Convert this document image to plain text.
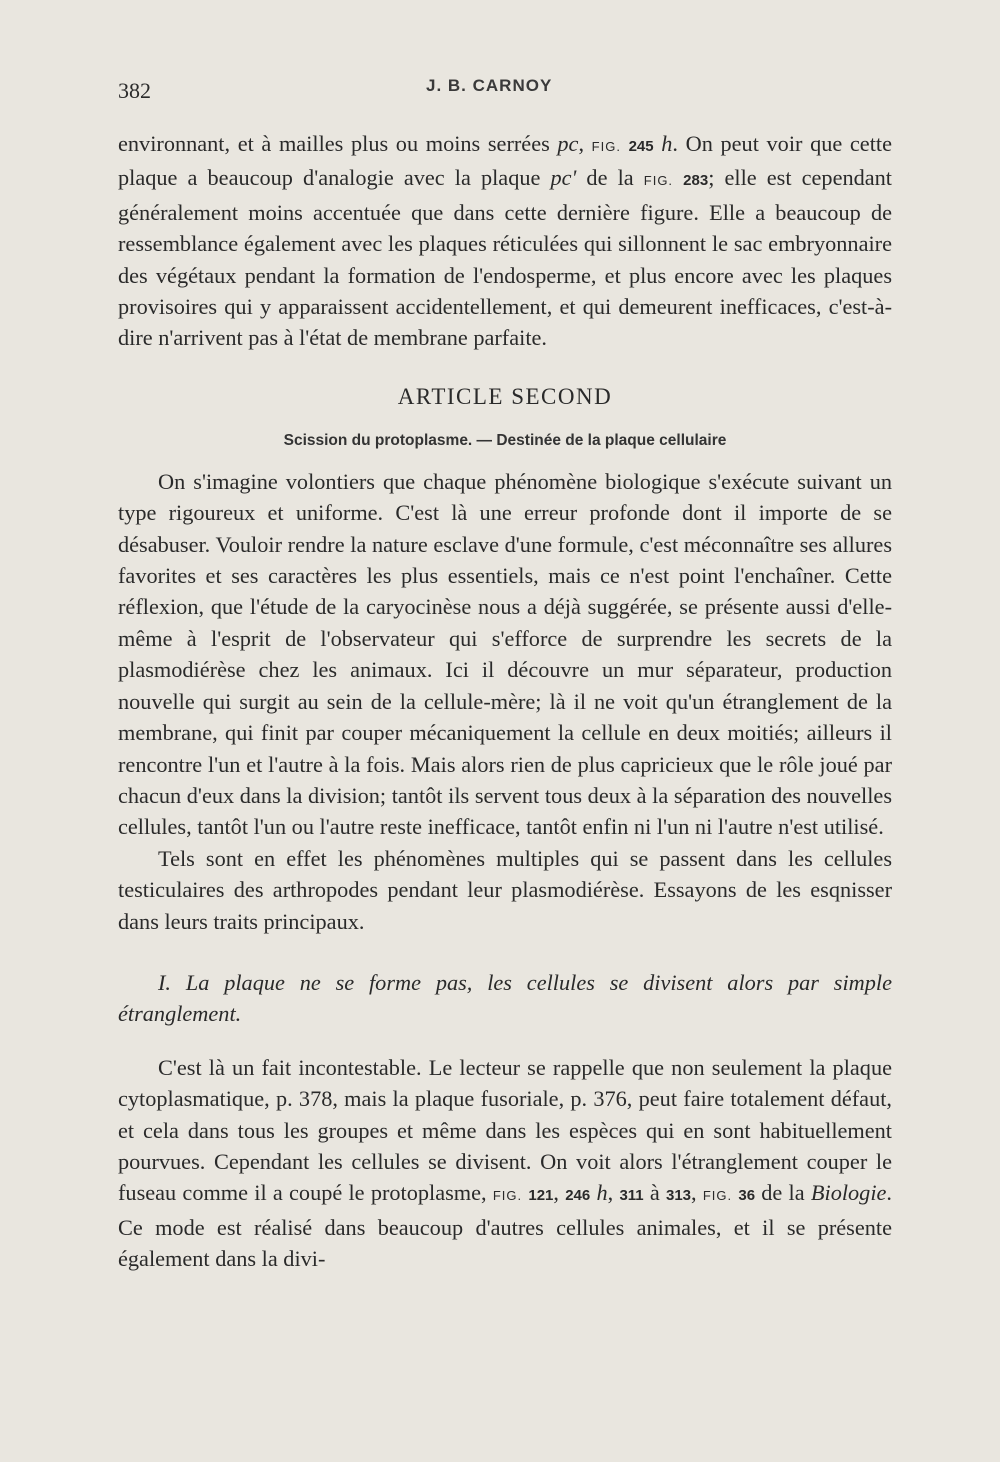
382	J. B. CARNOY

environnant, et à mailles plus ou moins serrées pc, FIG. 245 h. On peut voir que cette plaque a beaucoup d'analogie avec la plaque pc' de la FIG. 283; elle est cependant généralement moins accentuée que dans cette dernière figure. Elle a beaucoup de ressemblance également avec les plaques réticulées qui sillonnent le sac embryonnaire des végétaux pendant la formation de l'endosperme, et plus encore avec les plaques provisoires qui y apparaissent accidentellement, et qui demeurent inefficaces, c'est-à-dire n'arrivent pas à l'état de membrane parfaite.

ARTICLE SECOND
Scission du protoplasme. — Destinée de la plaque cellulaire

On s'imagine volontiers que chaque phénomène biologique s'exécute suivant un type rigoureux et uniforme. C'est là une erreur profonde dont il importe de se désabuser. Vouloir rendre la nature esclave d'une formule, c'est méconnaître ses allures favorites et ses caractères les plus essentiels, mais ce n'est point l'enchaîner. Cette réflexion, que l'étude de la caryocinèse nous a déjà suggérée, se présente aussi d'elle-même à l'esprit de l'observateur qui s'efforce de surprendre les secrets de la plasmodiérèse chez les animaux. Ici il découvre un mur séparateur, production nouvelle qui surgit au sein de la cellule-mère; là il ne voit qu'un étranglement de la membrane, qui finit par couper mécaniquement la cellule en deux moitiés; ailleurs il rencontre l'un et l'autre à la fois. Mais alors rien de plus capricieux que le rôle joué par chacun d'eux dans la division; tantôt ils servent tous deux à la séparation des nouvelles cellules, tantôt l'un ou l'autre reste inefficace, tantôt enfin ni l'un ni l'autre n'est utilisé.

Tels sont en effet les phénomènes multiples qui se passent dans les cellules testiculaires des arthropodes pendant leur plasmodiérèse. Essayons de les esqnisser dans leurs traits principaux.

I. La plaque ne se forme pas, les cellules se divisent alors par simple étranglement.

C'est là un fait incontestable. Le lecteur se rappelle que non seulement la plaque cytoplasmatique, p. 378, mais la plaque fusoriale, p. 376, peut faire totalement défaut, et cela dans tous les groupes et même dans les espèces qui en sont habituellement pourvues. Cependant les cellules se divisent. On voit alors l'étranglement couper le fuseau comme il a coupé le protoplasme, FIG. 121, 246 h, 311 à 313, FIG. 36 de la Biologie. Ce mode est réalisé dans beaucoup d'autres cellules animales, et il se présente également dans la divi-
